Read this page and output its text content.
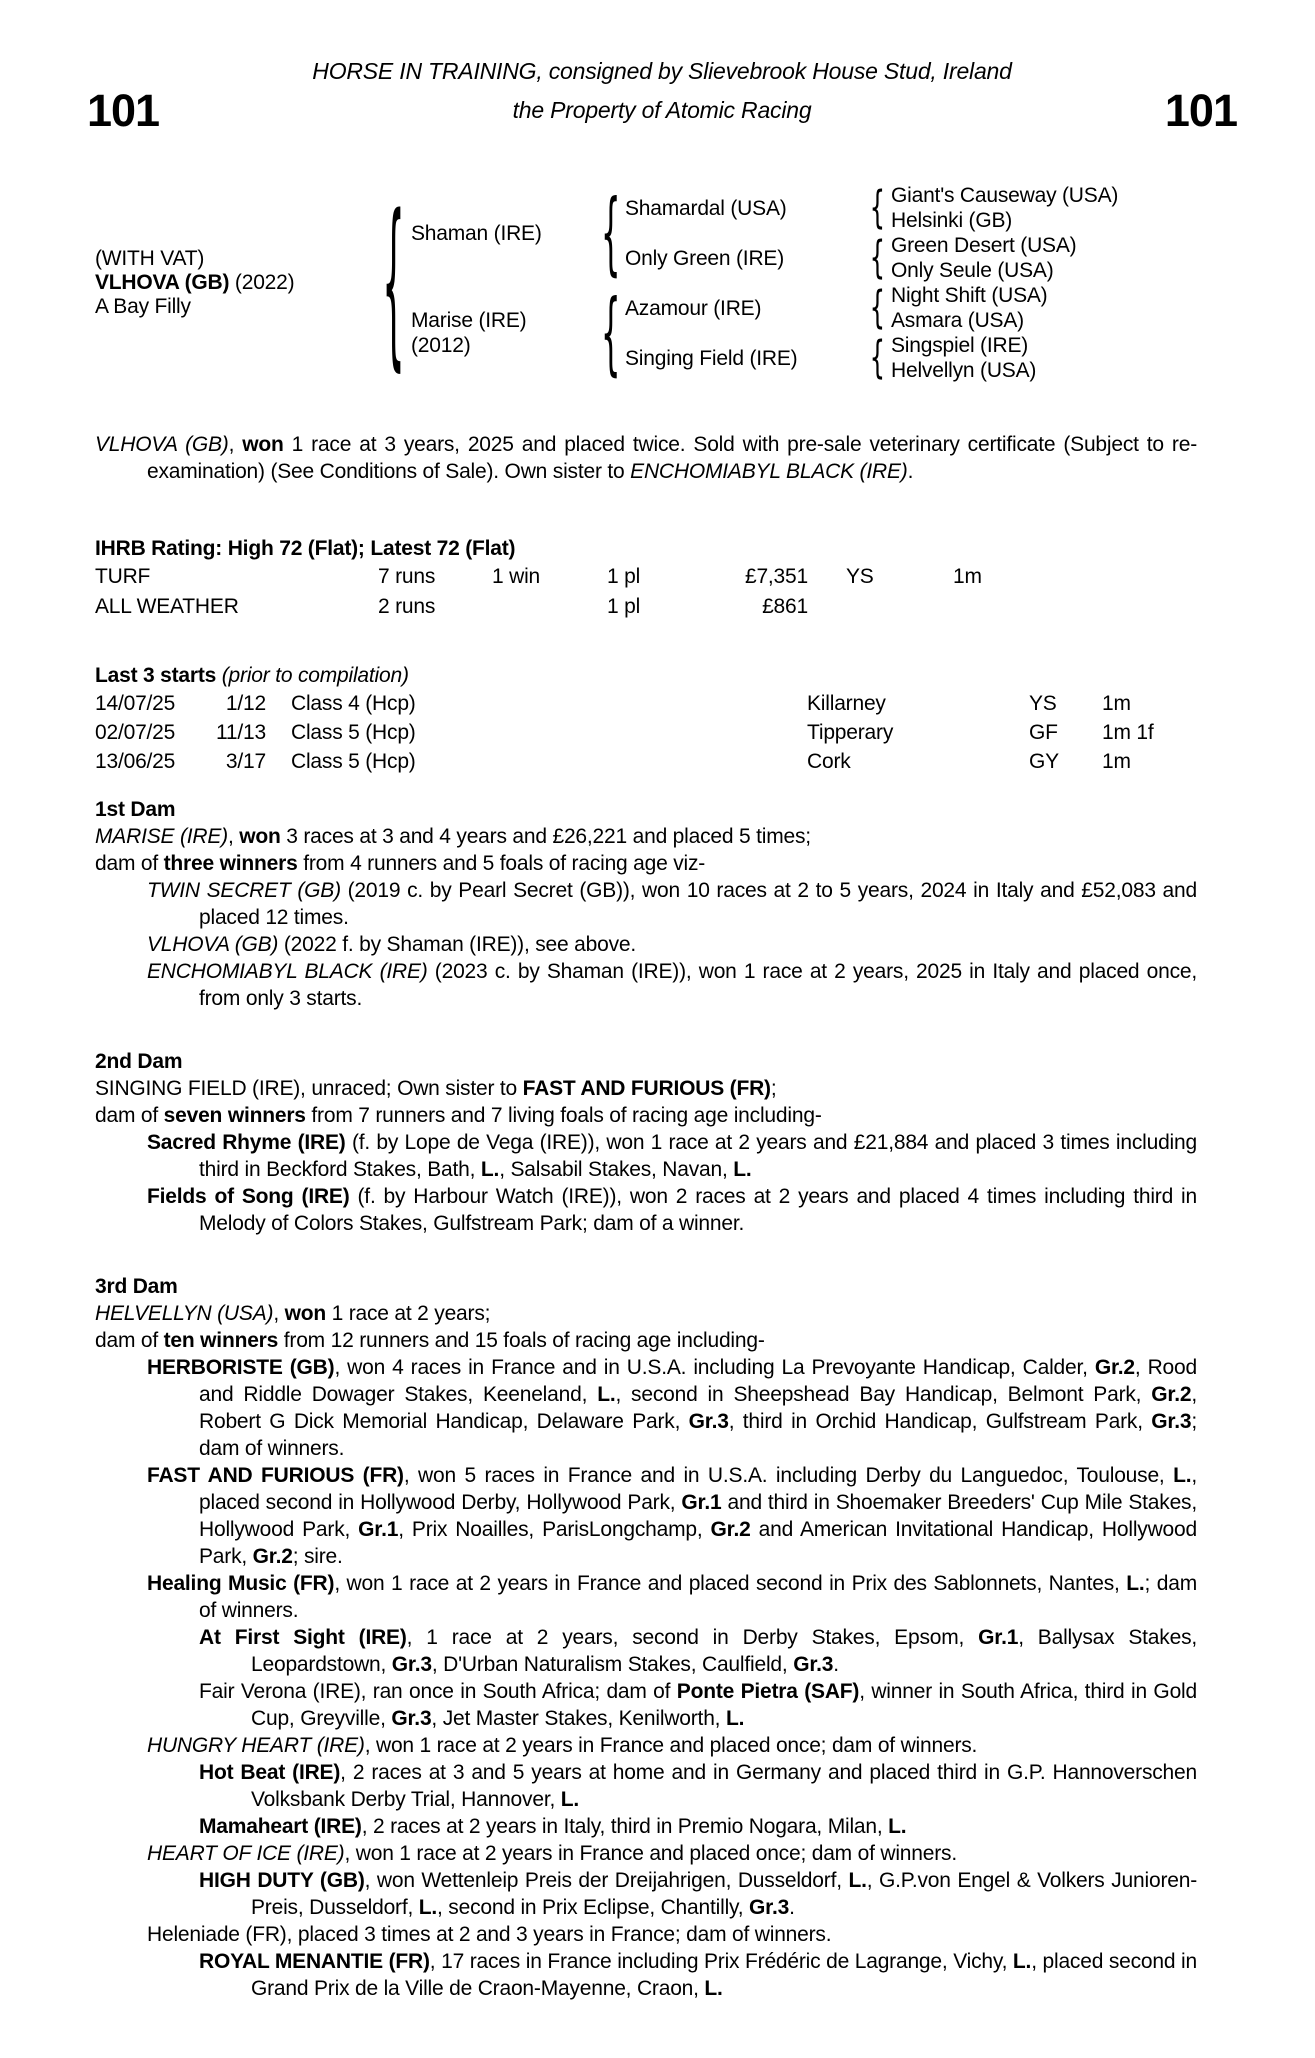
HORSE IN TRAINING, consigned by Slievebrook House Stud, Ireland
101	the Property of Atomic Racing	101
(WITH VAT)
VLHOVA (GB) (2022)
A Bay Filly	{ Shaman (IRE)
Marise (IRE)
(2012)
{
{
Shamardal (USA)
Only Green (IRE)
Azamour (IRE)
Singing Field (IRE)
{
{
{
{
Giant's Causeway (USA)
Helsinki (GB)
Green Desert (USA)
Only Seule (USA)
Night Shift (USA)
Asmara (USA)
Singspiel (IRE)
Helvellyn (USA)
VLHOVA (GB), won 1 race at 3 years, 2025 and placed twice. Sold with pre-sale veterinary certificate (Subject to re-examination) (See Conditions of Sale). Own sister to ENCHOMIABYL BLACK (IRE).
IHRB Rating: High 72 (Flat); Latest 72 (Flat)
TURF	7 runs	1 win	1 pl	£7,351	YS	1m
ALL WEATHER	2 runs	1 pl	£861
Last 3 starts (prior to compilation)
14/07/25	1/12	Class 4 (Hcp)	Killarney	YS	1m
02/07/25	11/13	Class 5 (Hcp)	Tipperary	GF	1m 1f
13/06/25	3/17	Class 5 (Hcp)	Cork	GY	1m
1st Dam
MARISE (IRE), won 3 races at 3 and 4 years and £26,221 and placed 5 times;
dam of three winners from 4 runners and 5 foals of racing age viz-
TWIN SECRET (GB) (2019 c. by Pearl Secret (GB)), won 10 races at 2 to 5 years, 2024 in Italy and £52,083 and placed 12 times.
VLHOVA (GB) (2022 f. by Shaman (IRE)), see above.
ENCHOMIABYL BLACK (IRE) (2023 c. by Shaman (IRE)), won 1 race at 2 years, 2025 in Italy and placed once, from only 3 starts.
2nd Dam
SINGING FIELD (IRE), unraced; Own sister to FAST AND FURIOUS (FR);
dam of seven winners from 7 runners and 7 living foals of racing age including-
Sacred Rhyme (IRE) (f. by Lope de Vega (IRE)), won 1 race at 2 years and £21,884 and placed 3 times including third in Beckford Stakes, Bath, L., Salsabil Stakes, Navan, L.
Fields of Song (IRE) (f. by Harbour Watch (IRE)), won 2 races at 2 years and placed 4 times including third in Melody of Colors Stakes, Gulfstream Park; dam of a winner.
3rd Dam
HELVELLYN (USA), won 1 race at 2 years;
dam of ten winners from 12 runners and 15 foals of racing age including-
HERBORISTE (GB), won 4 races in France and in U.S.A. including La Prevoyante Handicap, Calder, Gr.2, Rood and Riddle Dowager Stakes, Keeneland, L., second in Sheepshead Bay Handicap, Belmont Park, Gr.2, Robert G Dick Memorial Handicap, Delaware Park, Gr.3, third in Orchid Handicap, Gulfstream Park, Gr.3; dam of winners.
FAST AND FURIOUS (FR), won 5 races in France and in U.S.A. including Derby du Languedoc, Toulouse, L., placed second in Hollywood Derby, Hollywood Park, Gr.1 and third in Shoemaker Breeders' Cup Mile Stakes, Hollywood Park, Gr.1, Prix Noailles, ParisLongchamp, Gr.2 and American Invitational Handicap, Hollywood Park, Gr.2; sire.
Healing Music (FR), won 1 race at 2 years in France and placed second in Prix des Sablonnets, Nantes, L.; dam of winners.
At First Sight (IRE), 1 race at 2 years, second in Derby Stakes, Epsom, Gr.1, Ballysax Stakes, Leopardstown, Gr.3, D'Urban Naturalism Stakes, Caulfield, Gr.3.
Fair Verona (IRE), ran once in South Africa; dam of Ponte Pietra (SAF), winner in South Africa, third in Gold Cup, Greyville, Gr.3, Jet Master Stakes, Kenilworth, L.
HUNGRY HEART (IRE), won 1 race at 2 years in France and placed once; dam of winners.
Hot Beat (IRE), 2 races at 3 and 5 years at home and in Germany and placed third in G.P. Hannoverschen Volksbank Derby Trial, Hannover, L.
Mamaheart (IRE), 2 races at 2 years in Italy, third in Premio Nogara, Milan, L.
HEART OF ICE (IRE), won 1 race at 2 years in France and placed once; dam of winners.
HIGH DUTY (GB), won Wettenleip Preis der Dreijahrigen, Dusseldorf, L., G.P.von Engel & Volkers Junioren-Preis, Dusseldorf, L., second in Prix Eclipse, Chantilly, Gr.3.
Heleniade (FR), placed 3 times at 2 and 3 years in France; dam of winners.
ROYAL MENANTIE (FR), 17 races in France including Prix Frédéric de Lagrange, Vichy, L., placed second in Grand Prix de la Ville de Craon-Mayenne, Craon, L.
